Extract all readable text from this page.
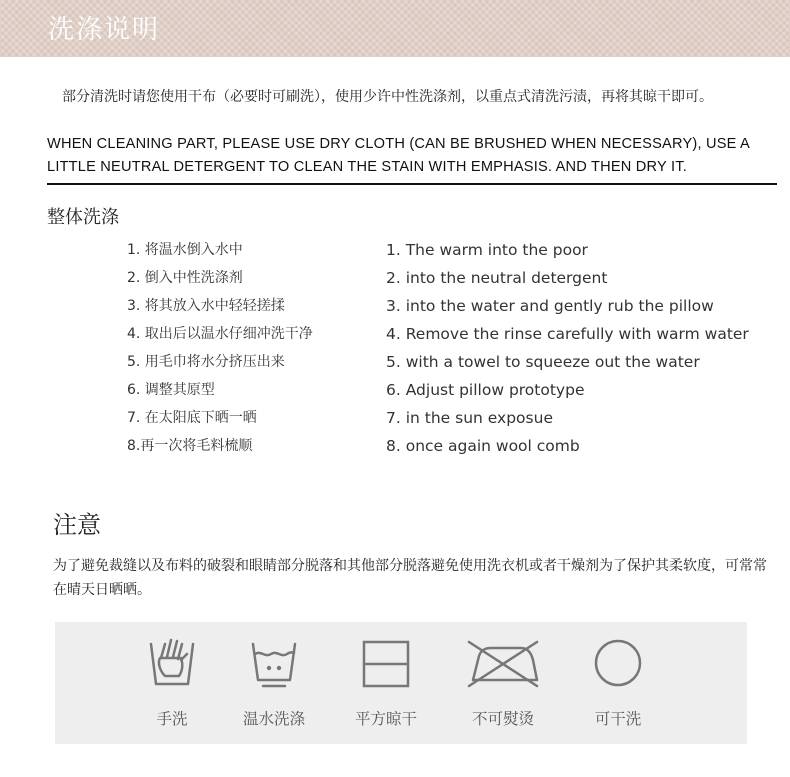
洗涤说明
部分清洗时请您使用干布（必要时可刷洗），使用少许中性洗涤剂，以重点式清洗污渍，再将其晾干即可。
WHEN CLEANING PART, PLEASE USE DRY CLOTH (CAN BE BRUSHED WHEN NECESSARY), USE A
LITTLE NEUTRAL DETERGENT TO CLEAN THE STAIN WITH EMPHASIS. AND THEN DRY IT.
整体洗涤
1. 将温水倒入水中
2. 倒入中性洗涤剂
3. 将其放入水中轻轻搓揉
4. 取出后以温水仔细冲洗干净
5. 用毛巾将水分挤压出来
6. 调整其原型
7. 在太阳底下晒一晒
8.再一次将毛料梳顺
1. The warm into the poor
2. into the neutral detergent
3. into the water and gently rub the pillow
4. Remove the rinse carefully with warm water
5. with a towel to squeeze out the water
6. Adjust pillow prototype
7. in the sun exposue
8. once again wool comb
注意
为了避免裁缝以及布料的破裂和眼睛部分脱落和其他部分脱落避免使用洗衣机或者干燥剂为了保护其柔软度，可常常在晴天日晒晒。
手洗	温水洗涤	平方晾干	不可熨烫	可干洗
